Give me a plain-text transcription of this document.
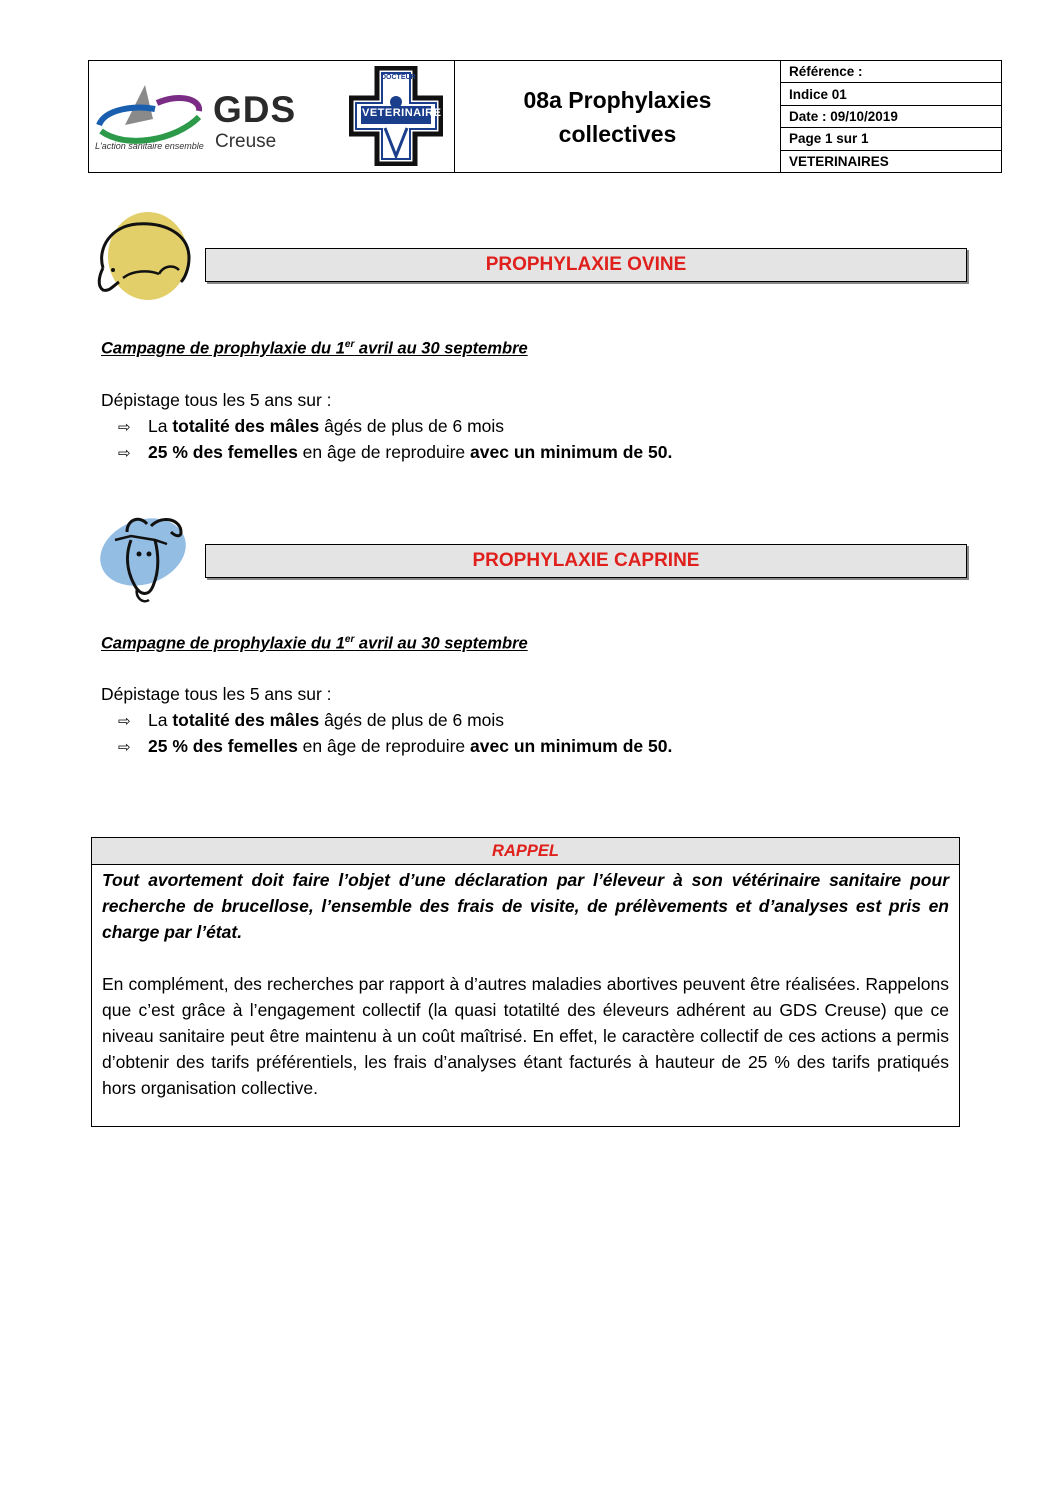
GDS
Creuse
L'action sanitaire ensemble
DOCTEUR
VETERINAIRE
08a Prophylaxies collectives
Référence :
Indice 01
Date : 09/10/2019
Page 1 sur 1
VETERINAIRES
PROPHYLAXIE OVINE
Campagne de prophylaxie du 1er avril au 30 septembre
Dépistage tous les 5 ans sur :
⇨ La totalité des mâles âgés de plus de 6 mois
⇨ 25 % des femelles en âge de reproduire avec un minimum de 50.
PROPHYLAXIE CAPRINE
Campagne de prophylaxie du 1er avril au 30 septembre
Dépistage tous les 5 ans sur :
⇨ La totalité des mâles âgés de plus de 6 mois
⇨ 25 % des femelles en âge de reproduire avec un minimum de 50.
RAPPEL

Tout avortement doit faire l’objet d’une déclaration par l’éleveur à son vétérinaire sanitaire pour recherche de brucellose, l’ensemble des frais de visite, de prélèvements et d’analyses est pris en charge par l’état.

En complément, des recherches par rapport à d’autres maladies abortives peuvent être réalisées. Rappelons que c’est grâce à l’engagement collectif (la quasi totatilté des éleveurs adhérent au GDS Creuse) que ce niveau sanitaire peut être maintenu à un coût maîtrisé. En effet, le caractère collectif de ces actions a permis d’obtenir des tarifs préférentiels, les frais d’analyses étant facturés à hauteur de 25 % des tarifs pratiqués hors organisation collective.
